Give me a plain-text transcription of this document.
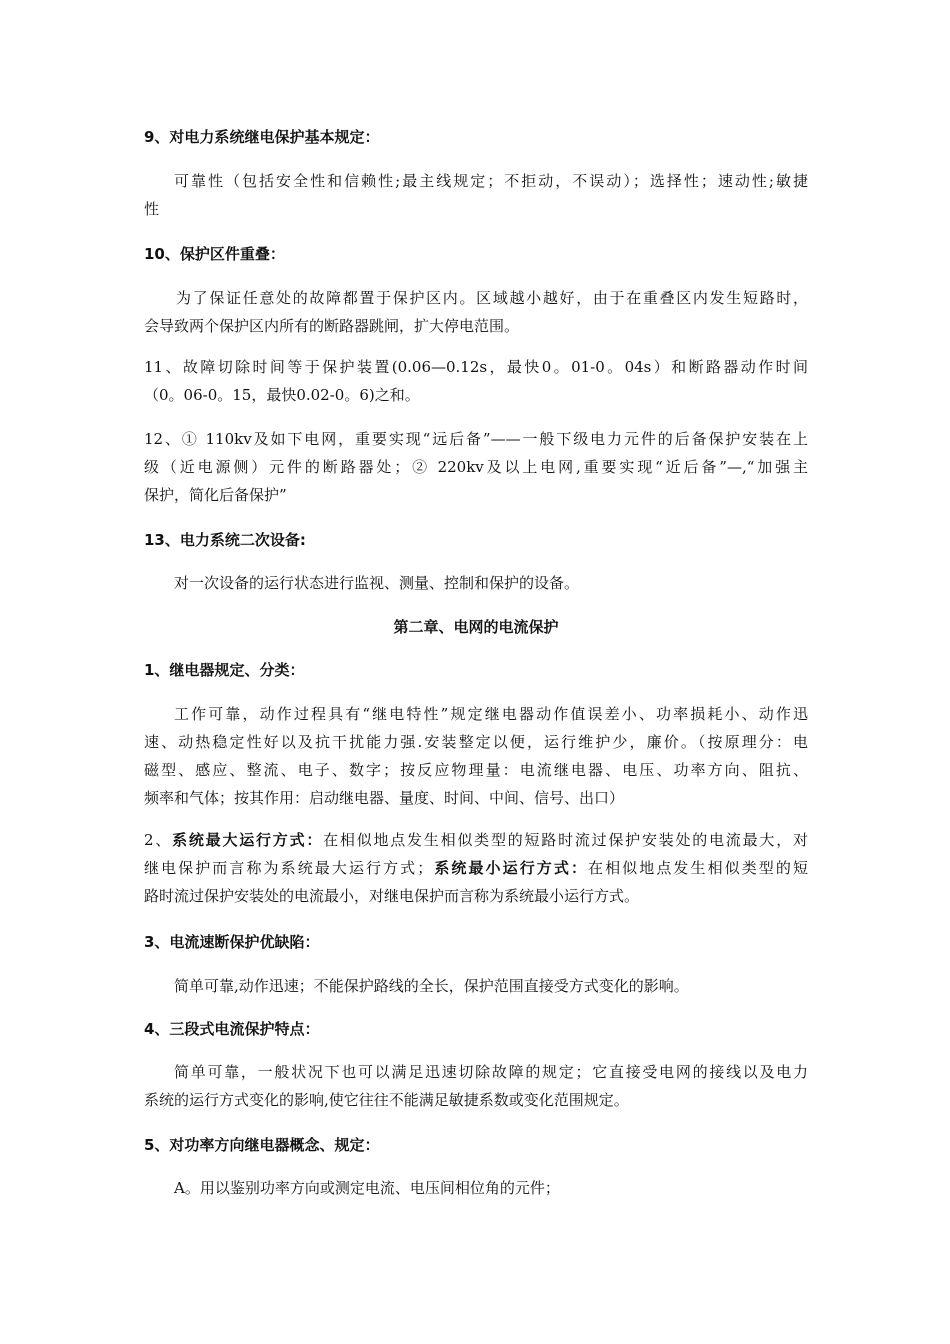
9、对电力系统继电保护基本规定：
可靠性（包括安全性和信赖性;最主线规定；不拒动，不误动）；选择性；速动性;敏捷
性
10、保护区件重叠：
为了保证任意处的故障都置于保护区内。区域越小越好，由于在重叠区内发生短路时，
会导致两个保护区内所有的断路器跳闸，扩大停电范围。
11、故障切除时间等于保护装置(0.06—0.12s，最快0。01-0。04s）和断路器动作时间
（0。06-0。15，最快0.02-0。6)之和。
12、① 110kv及如下电网，重要实现“远后备”——一般下级电力元件的后备保护安装在上
级（近电源侧）元件的断路器处；② 220kv及以上电网,重要实现“近后备”—,“加强主
保护，简化后备保护”
13、电力系统二次设备:
对一次设备的运行状态进行监视、测量、控制和保护的设备。
第二章、电网的电流保护
1、继电器规定、分类：
工作可靠，动作过程具有“继电特性”规定继电器动作值误差小、功率损耗小、动作迅
速、动热稳定性好以及抗干扰能力强.安装整定以便，运行维护少，廉价。（按原理分：电
磁型、感应、整流、电子、数字；按反应物理量：电流继电器、电压、功率方向、阻抗、
频率和气体；按其作用：启动继电器、量度、时间、中间、信号、出口）
2、系统最大运行方式：在相似地点发生相似类型的短路时流过保护安装处的电流最大，对
继电保护而言称为系统最大运行方式；系统最小运行方式：在相似地点发生相似类型的短
路时流过保护安装处的电流最小，对继电保护而言称为系统最小运行方式。
3、电流速断保护优缺陷：
简单可靠,动作迅速；不能保护路线的全长，保护范围直接受方式变化的影响。
4、三段式电流保护特点：
简单可靠，一般状况下也可以满足迅速切除故障的规定；它直接受电网的接线以及电力
系统的运行方式变化的影响,使它往往不能满足敏捷系数或变化范围规定。
5、对功率方向继电器概念、规定：
A。用以鉴别功率方向或测定电流、电压间相位角的元件；
